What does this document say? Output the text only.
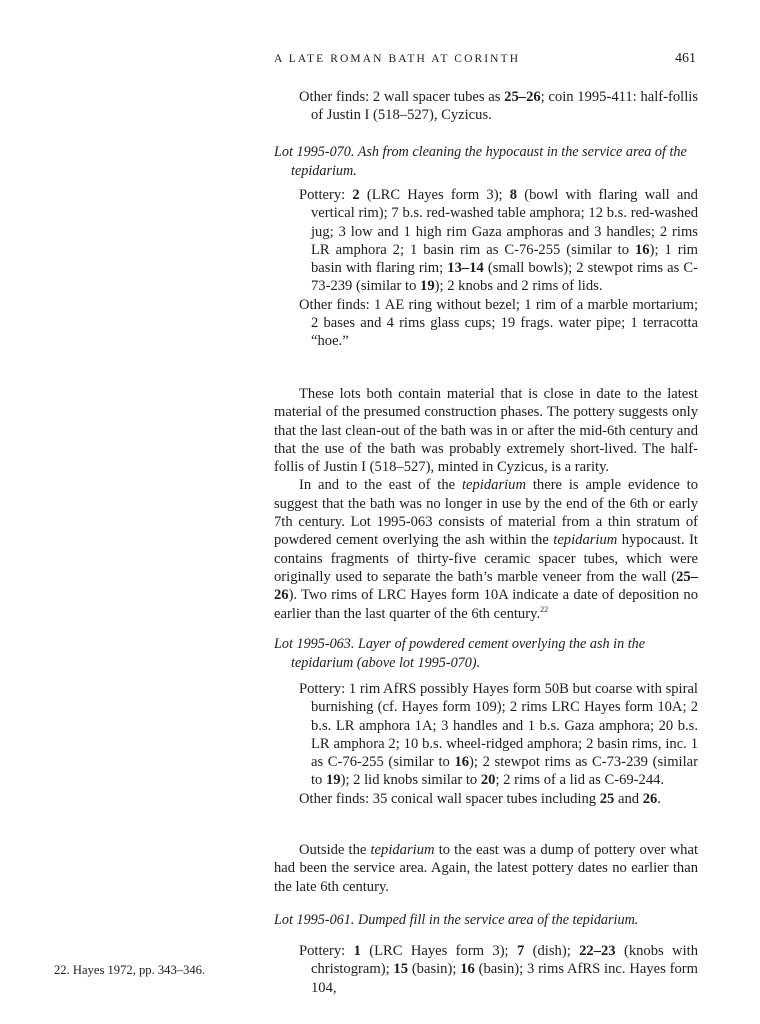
A LATE ROMAN BATH AT CORINTH	461

Other finds: 2 wall spacer tubes as 25–26; coin 1995-411: half-follis of Justin I (518–527), Cyzicus.

Lot 1995-070. Ash from cleaning the hypocaust in the service area of the tepidarium.

Pottery: 2 (LRC Hayes form 3); 8 (bowl with flaring wall and vertical rim); 7 b.s. red-washed table amphora; 12 b.s. red-washed jug; 3 low and 1 high rim Gaza amphoras and 3 handles; 2 rims LR amphora 2; 1 basin rim as C-76-255 (similar to 16); 1 rim basin with flaring rim; 13–14 (small bowls); 2 stewpot rims as C-73-239 (similar to 19); 2 knobs and 2 rims of lids.

Other finds: 1 AE ring without bezel; 1 rim of a marble mortarium; 2 bases and 4 rims glass cups; 19 frags. water pipe; 1 terracotta “hoe.”

These lots both contain material that is close in date to the latest material of the presumed construction phases. The pottery suggests only that the last clean-out of the bath was in or after the mid-6th century and that the use of the bath was probably extremely short-lived. The half-follis of Justin I (518–527), minted in Cyzicus, is a rarity.

In and to the east of the tepidarium there is ample evidence to suggest that the bath was no longer in use by the end of the 6th or early 7th century. Lot 1995-063 consists of material from a thin stratum of powdered cement overlying the ash within the tepidarium hypocaust. It contains fragments of thirty-five ceramic spacer tubes, which were originally used to separate the bath’s marble veneer from the wall (25–26). Two rims of LRC Hayes form 10A indicate a date of deposition no earlier than the last quarter of the 6th century.$^{22}$

Lot 1995-063. Layer of powdered cement overlying the ash in the tepidarium (above lot 1995-070).

Pottery: 1 rim AfRS possibly Hayes form 50B but coarse with spiral burnishing (cf. Hayes form 109); 2 rims LRC Hayes form 10A; 2 b.s. LR amphora 1A; 3 handles and 1 b.s. Gaza amphora; 20 b.s. LR amphora 2; 10 b.s. wheel-ridged amphora; 2 basin rims, inc. 1 as C-76-255 (similar to 16); 2 stewpot rims as C-73-239 (similar to 19); 2 lid knobs similar to 20; 2 rims of a lid as C-69-244.

Other finds: 35 conical wall spacer tubes including 25 and 26.

Outside the tepidarium to the east was a dump of pottery over what had been the service area. Again, the latest pottery dates no earlier than the late 6th century.

Lot 1995-061. Dumped fill in the service area of the tepidarium.

Pottery: 1 (LRC Hayes form 3); 7 (dish); 22–23 (knobs with christogram); 15 (basin); 16 (basin); 3 rims AfRS inc. Hayes form 104,

22. Hayes 1972, pp. 343–346.
